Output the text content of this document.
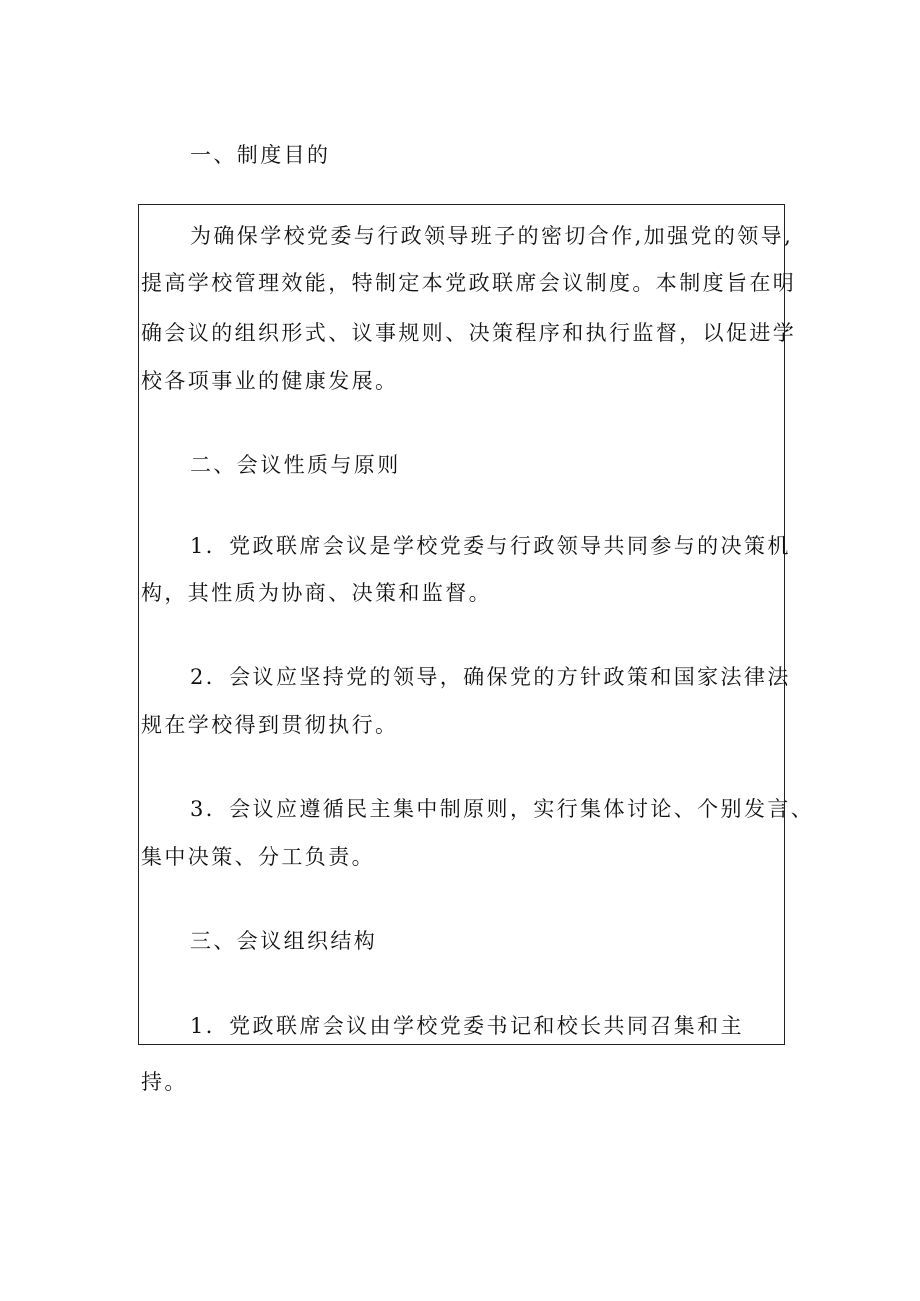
一、制度目的
为确保学校党委与行政领导班子的密切合作,加强党的领导,
提高学校管理效能，特制定本党政联席会议制度。本制度旨在明
确会议的组织形式、议事规则、决策程序和执行监督，以促进学
校各项事业的健康发展。
二、会议性质与原则
1．党政联席会议是学校党委与行政领导共同参与的决策机
构，其性质为协商、决策和监督。
2．会议应坚持党的领导，确保党的方针政策和国家法律法
规在学校得到贯彻执行。
3．会议应遵循民主集中制原则，实行集体讨论、个别发言、
集中决策、分工负责。
三、会议组织结构
1．党政联席会议由学校党委书记和校长共同召集和主
持。
